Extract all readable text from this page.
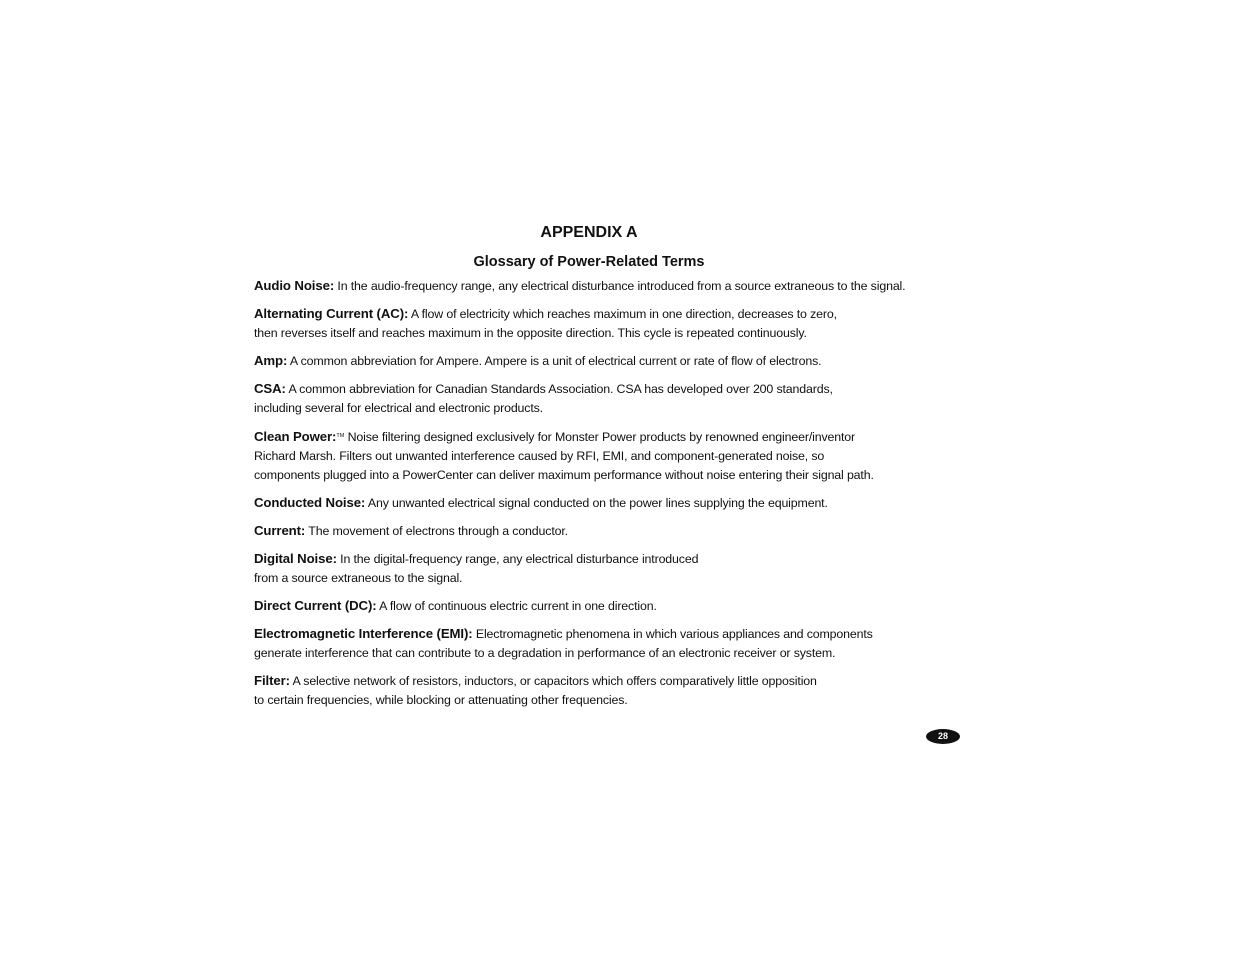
APPENDIX A
Glossary of Power-Related Terms

Audio Noise: In the audio-frequency range, any electrical disturbance introduced from a source extraneous to the signal.

Alternating Current (AC): A flow of electricity which reaches maximum in one direction, decreases to zero,
then reverses itself and reaches maximum in the opposite direction. This cycle is repeated continuously.

Amp: A common abbreviation for Ampere. Ampere is a unit of electrical current or rate of flow of electrons.

CSA: A common abbreviation for Canadian Standards Association. CSA has developed over 200 standards,
including several for electrical and electronic products.

Clean Power:™ Noise filtering designed exclusively for Monster Power products by renowned engineer/inventor
Richard Marsh. Filters out unwanted interference caused by RFI, EMI, and component-generated noise, so
components plugged into a PowerCenter can deliver maximum performance without noise entering their signal path.

Conducted Noise: Any unwanted electrical signal conducted on the power lines supplying the equipment.

Current: The movement of electrons through a conductor.

Digital Noise: In the digital-frequency range, any electrical disturbance introduced
from a source extraneous to the signal.

Direct Current (DC): A flow of continuous electric current in one direction.

Electromagnetic Interference (EMI): Electromagnetic phenomena in which various appliances and components
generate interference that can contribute to a degradation in performance of an electronic receiver or system.

Filter: A selective network of resistors, inductors, or capacitors which offers comparatively little opposition
to certain frequencies, while blocking or attenuating other frequencies.

28
